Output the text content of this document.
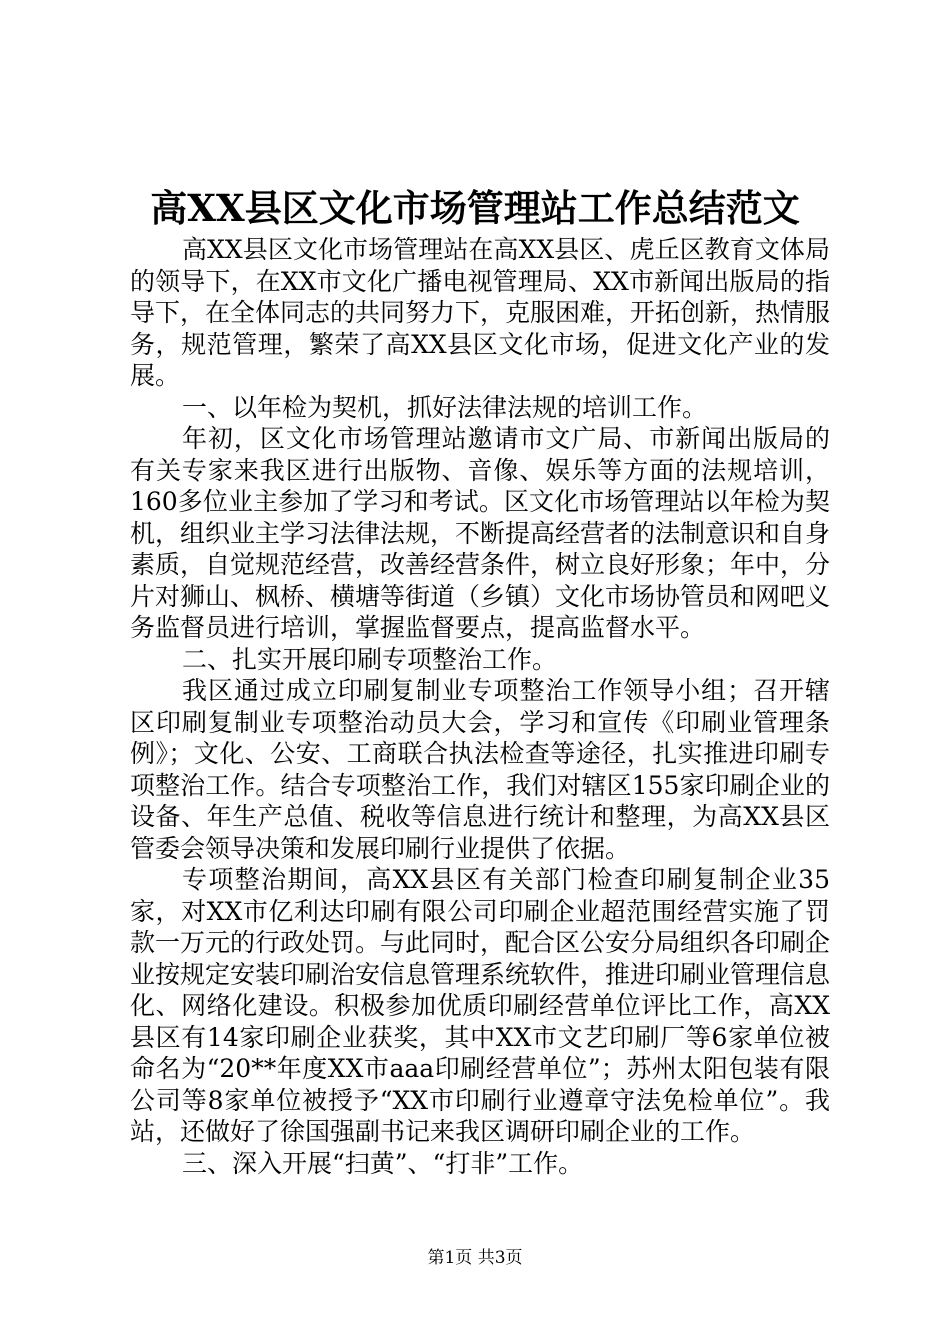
高XX县区文化市场管理站工作总结范文

高XX县区文化市场管理站在高XX县区、虎丘区教育文体局的领导下，在XX市文化广播电视管理局、XX市新闻出版局的指导下，在全体同志的共同努力下，克服困难，开拓创新，热情服务，规范管理，繁荣了高XX县区文化市场，促进文化产业的发展。

一、以年检为契机，抓好法律法规的培训工作。

年初，区文化市场管理站邀请市文广局、市新闻出版局的有关专家来我区进行出版物、音像、娱乐等方面的法规培训，160多位业主参加了学习和考试。区文化市场管理站以年检为契机，组织业主学习法律法规，不断提高经营者的法制意识和自身素质，自觉规范经营，改善经营条件，树立良好形象；年中，分片对狮山、枫桥、横塘等街道（乡镇）文化市场协管员和网吧义务监督员进行培训，掌握监督要点，提高监督水平。

二、扎实开展印刷专项整治工作。

我区通过成立印刷复制业专项整治工作领导小组；召开辖区印刷复制业专项整治动员大会，学习和宣传《印刷业管理条例》；文化、公安、工商联合执法检查等途径，扎实推进印刷专项整治工作。结合专项整治工作，我们对辖区155家印刷企业的设备、年生产总值、税收等信息进行统计和整理，为高XX县区管委会领导决策和发展印刷行业提供了依据。

专项整治期间，高XX县区有关部门检查印刷复制企业35家，对XX市亿利达印刷有限公司印刷企业超范围经营实施了罚款一万元的行政处罚。与此同时，配合区公安分局组织各印刷企业按规定安装印刷治安信息管理系统软件，推进印刷业管理信息化、网络化建设。积极参加优质印刷经营单位评比工作，高XX县区有14家印刷企业获奖，其中XX市文艺印刷厂等6家单位被命名为“20**年度XX市aaa印刷经营单位”；苏州太阳包装有限公司等8家单位被授予“XX市印刷行业遵章守法免检单位”。我站，还做好了徐国强副书记来我区调研印刷企业的工作。

三、深入开展“扫黄”、“打非”工作。

第1页 共3页
